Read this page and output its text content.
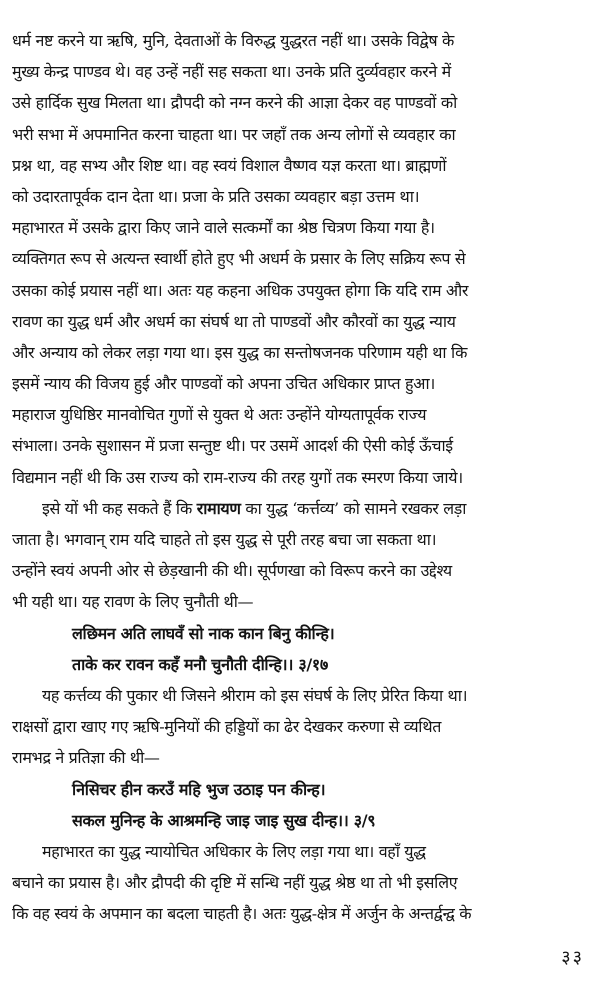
धर्म नष्ट करने या ऋषि, मुनि, देवताओं के विरुद्ध युद्धरत नहीं था। उसके विद्वेष के
मुख्य केन्द्र पाण्डव थे। वह उन्हें नहीं सह सकता था। उनके प्रति दुर्व्यवहार करने में
उसे हार्दिक सुख मिलता था। द्रौपदी को नग्न करने की आज्ञा देकर वह पाण्डवों को
भरी सभा में अपमानित करना चाहता था। पर जहाँ तक अन्य लोगों से व्यवहार का
प्रश्न था, वह सभ्य और शिष्ट था। वह स्वयं विशाल वैष्णव यज्ञ करता था। ब्राह्मणों
को उदारतापूर्वक दान देता था। प्रजा के प्रति उसका व्यवहार बड़ा उत्तम था।
महाभारत में उसके द्वारा किए जाने वाले सत्कर्मों का श्रेष्ठ चित्रण किया गया है।
व्यक्तिगत रूप से अत्यन्त स्वार्थी होते हुए भी अधर्म के प्रसार के लिए सक्रिय रूप से
उसका कोई प्रयास नहीं था। अतः यह कहना अधिक उपयुक्त होगा कि यदि राम और
रावण का युद्ध धर्म और अधर्म का संघर्ष था तो पाण्डवों और कौरवों का युद्ध न्याय
और अन्याय को लेकर लड़ा गया था। इस युद्ध का सन्तोषजनक परिणाम यही था कि
इसमें न्याय की विजय हुई और पाण्डवों को अपना उचित अधिकार प्राप्त हुआ।
महाराज युधिष्ठिर मानवोचित गुणों से युक्त थे अतः उन्होंने योग्यतापूर्वक राज्य
संभाला। उनके सुशासन में प्रजा सन्तुष्ट थी। पर उसमें आदर्श की ऐसी कोई ऊँचाई
विद्यमान नहीं थी कि उस राज्य को राम-राज्य की तरह युगों तक स्मरण किया जाये।
इसे यों भी कह सकते हैं कि रामायण का युद्ध ‘कर्त्तव्य’ को सामने रखकर लड़ा
जाता है। भगवान् राम यदि चाहते तो इस युद्ध से पूरी तरह बचा जा सकता था।
उन्होंने स्वयं अपनी ओर से छेड़खानी की थी। सूर्पणखा को विरूप करने का उद्देश्य
भी यही था। यह रावण के लिए चुनौती थी—
लछिमन अति लाघवँ सो नाक कान बिनु कीन्हि।
ताके कर रावन कहँ मनौ चुनौती दीन्हि।। ३/१७
यह कर्त्तव्य की पुकार थी जिसने श्रीराम को इस संघर्ष के लिए प्रेरित किया था।
राक्षसों द्वारा खाए गए ऋषि-मुनियों की हड्डियों का ढेर देखकर करुणा से व्यथित
रामभद्र ने प्रतिज्ञा की थी—
निसिचर हीन करउँ महि भुज उठाइ पन कीन्ह।
सकल मुनिन्ह के आश्रमन्हि जाइ जाइ सुख दीन्ह।। ३/९
महाभारत का युद्ध न्यायोचित अधिकार के लिए लड़ा गया था। वहाँ युद्ध
बचाने का प्रयास है। और द्रौपदी की दृष्टि में सन्धि नहीं युद्ध श्रेष्ठ था तो भी इसलिए
कि वह स्वयं के अपमान का बदला चाहती है। अतः युद्ध-क्षेत्र में अर्जुन के अन्तर्द्वन्द्व के
३३
